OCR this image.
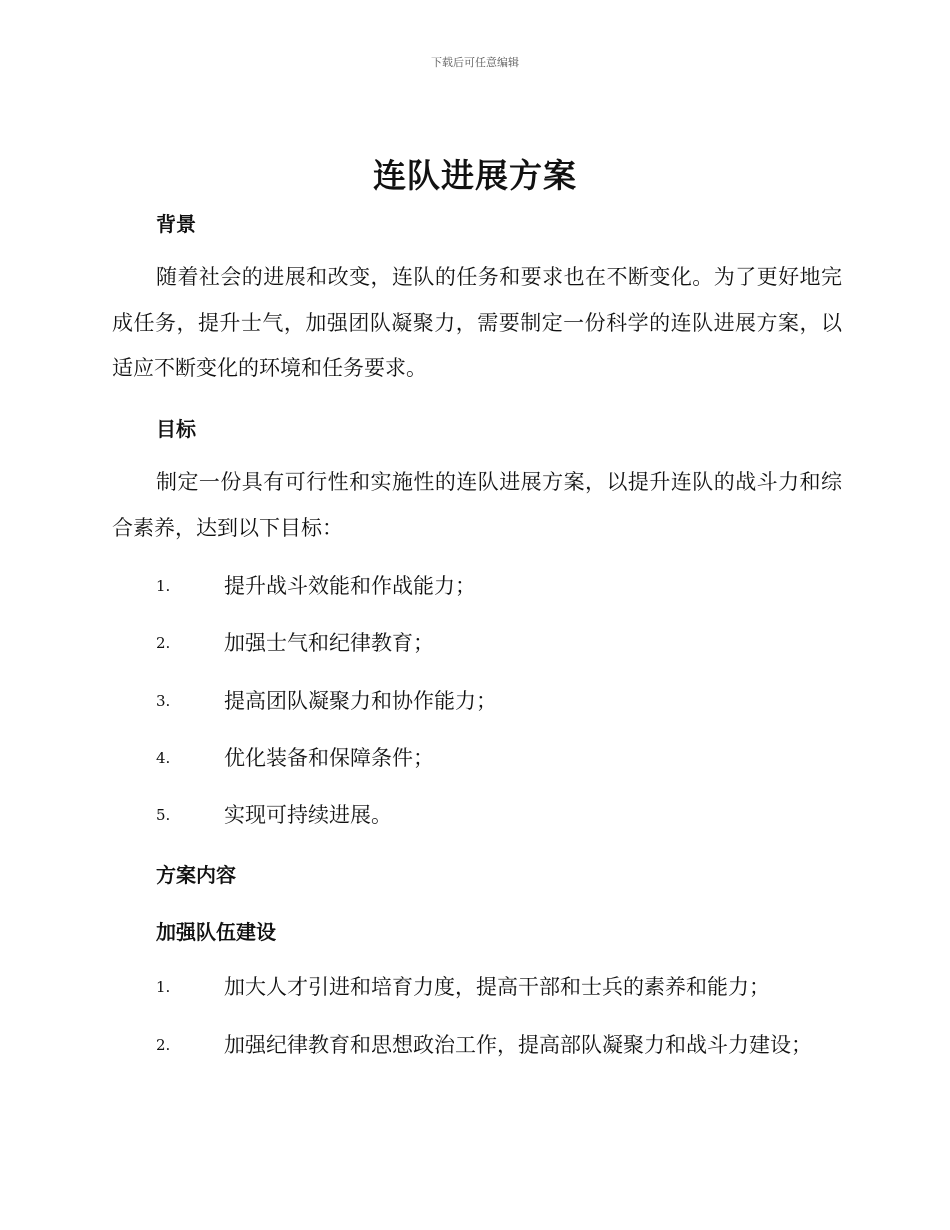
下载后可任意编辑
连队进展方案
背景
随着社会的进展和改变，连队的任务和要求也在不断变化。为了更好地完成任务，提升士气，加强团队凝聚力，需要制定一份科学的连队进展方案，以适应不断变化的环境和任务要求。
目标
制定一份具有可行性和实施性的连队进展方案，以提升连队的战斗力和综合素养，达到以下目标：
1.	提升战斗效能和作战能力；
2.	加强士气和纪律教育；
3.	提高团队凝聚力和协作能力；
4.	优化装备和保障条件；
5.	实现可持续进展。
方案内容
加强队伍建设
1.	加大人才引进和培育力度，提高干部和士兵的素养和能力；
2.	加强纪律教育和思想政治工作，提高部队凝聚力和战斗力建设；
